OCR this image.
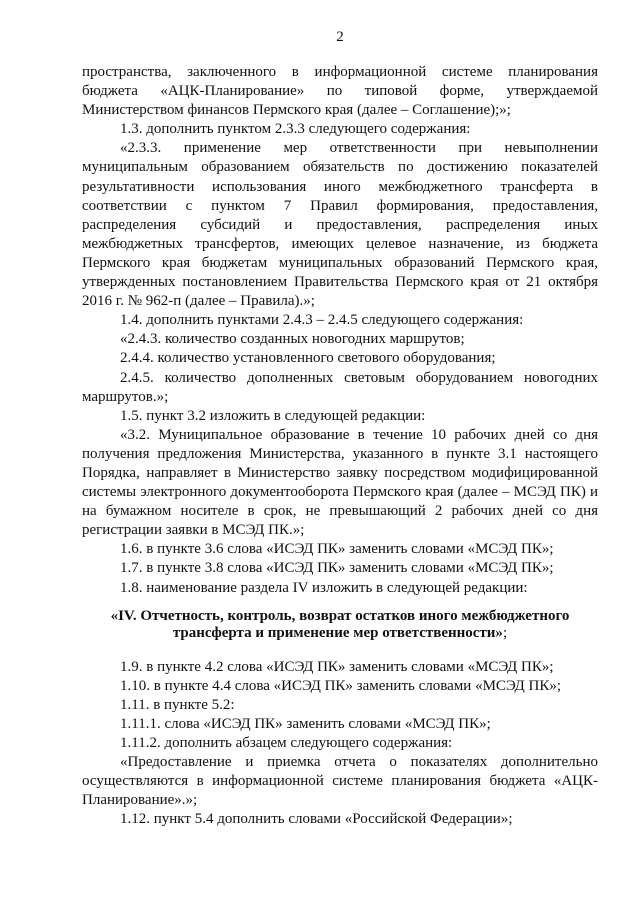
2

пространства, заключенного в информационной системе планирования бюджета «АЦК-Планирование» по типовой форме, утверждаемой Министерством финансов Пермского края (далее – Соглашение);»;

1.3. дополнить пунктом 2.3.3 следующего содержания:

«2.3.3. применение мер ответственности при невыполнении муниципальным образованием обязательств по достижению показателей результативности использования иного межбюджетного трансферта в соответствии с пунктом 7 Правил формирования, предоставления, распределения субсидий и предоставления, распределения иных межбюджетных трансфертов, имеющих целевое назначение, из бюджета Пермского края бюджетам муниципальных образований Пермского края, утвержденных постановлением Правительства Пермского края от 21 октября 2016 г. № 962-п (далее – Правила).»;

1.4. дополнить пунктами 2.4.3 – 2.4.5 следующего содержания:

«2.4.3. количество созданных новогодних маршрутов;

2.4.4. количество установленного светового оборудования;

2.4.5. количество дополненных световым оборудованием новогодних маршрутов.»;

1.5. пункт 3.2 изложить в следующей редакции:

«3.2. Муниципальное образование в течение 10 рабочих дней со дня получения предложения Министерства, указанного в пункте 3.1 настоящего Порядка, направляет в Министерство заявку посредством модифицированной системы электронного документооборота Пермского края (далее – МСЭД ПК) и на бумажном носителе в срок, не превышающий 2 рабочих дней со дня регистрации заявки в МСЭД ПК.»;

1.6. в пункте 3.6 слова «ИСЭД ПК» заменить словами «МСЭД ПК»;

1.7. в пункте 3.8 слова «ИСЭД ПК» заменить словами «МСЭД ПК»;

1.8. наименование раздела IV изложить в следующей редакции:

«IV. Отчетность, контроль, возврат остатков иного межбюджетного трансферта и применение мер ответственности»;

1.9. в пункте 4.2 слова «ИСЭД ПК» заменить словами «МСЭД ПК»;

1.10. в пункте 4.4 слова «ИСЭД ПК» заменить словами «МСЭД ПК»;

1.11. в пункте 5.2:

1.11.1. слова «ИСЭД ПК» заменить словами «МСЭД ПК»;

1.11.2. дополнить абзацем следующего содержания:

«Предоставление и приемка отчета о показателях дополнительно осуществляются в информационной системе планирования бюджета «АЦК-Планирование».»;

1.12. пункт 5.4 дополнить словами «Российской Федерации»;
